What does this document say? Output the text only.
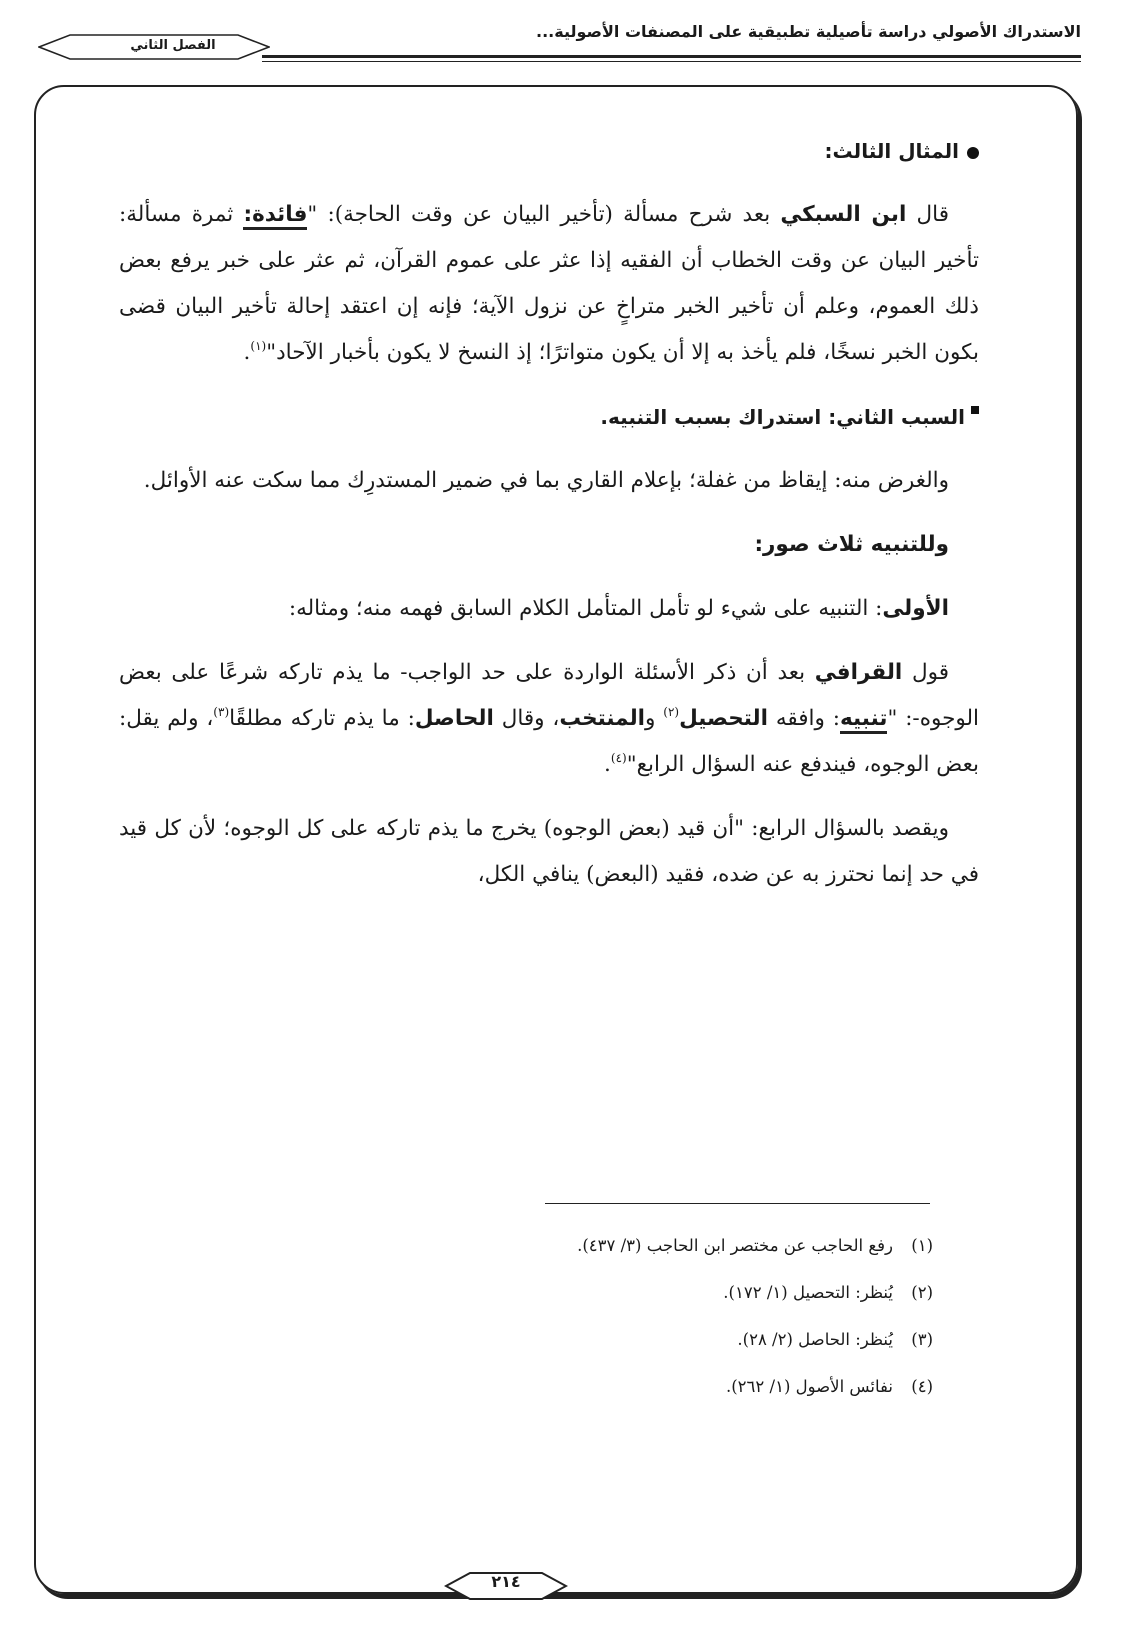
الاستدراك الأصولي دراسة تأصيلية تطبيقية على المصنفات الأصولية...
الفصل الثاني

المثال الثالث:

قال ابن السبكي بعد شرح مسألة (تأخير البيان عن وقت الحاجة): "فائدة: ثمرة مسألة: تأخير البيان عن وقت الخطاب أن الفقيه إذا عثر على عموم القرآن، ثم عثر على خبر يرفع بعض ذلك العموم، وعلم أن تأخير الخبر متراخٍ عن نزول الآية؛ فإنه إن اعتقد إحالة تأخير البيان قضى بكون الخبر نسخًا، فلم يأخذ به إلا أن يكون متواترًا؛ إذ النسخ لا يكون بأخبار الآحاد"$^{(١)}$.

السبب الثاني: استدراك بسبب التنبيه.

والغرض منه: إيقاظ من غفلة؛ بإعلام القاري بما في ضمير المستدرِك مما سكت عنه الأوائل.

وللتنبيه ثلاث صور:

الأولى: التنبيه على شيء لو تأمل المتأمل الكلام السابق فهمه منه؛ ومثاله:

قول القرافي بعد أن ذكر الأسئلة الواردة على حد الواجب- ما يذم تاركه شرعًا على بعض الوجوه-: "تنبيه: وافقه التحصيل$^{(٢)}$ والمنتخب، وقال الحاصل: ما يذم تاركه مطلقًا$^{(٣)}$، ولم يقل: بعض الوجوه، فيندفع عنه السؤال الرابع"$^{(٤)}$.

ويقصد بالسؤال الرابع: "أن قيد (بعض الوجوه) يخرج ما يذم تاركه على كل الوجوه؛ لأن كل قيد في حد إنما نحترز به عن ضده، فقيد (البعض) ينافي الكل،

(١)رفع الحاجب عن مختصر ابن الحاجب (٣/ ٤٣٧).
(٢)يُنظر: التحصيل (١/ ١٧٢).
(٣)يُنظر: الحاصل (٢/ ٢٨).
(٤)نفائس الأصول (١/ ٢٦٢).
٢١٤
